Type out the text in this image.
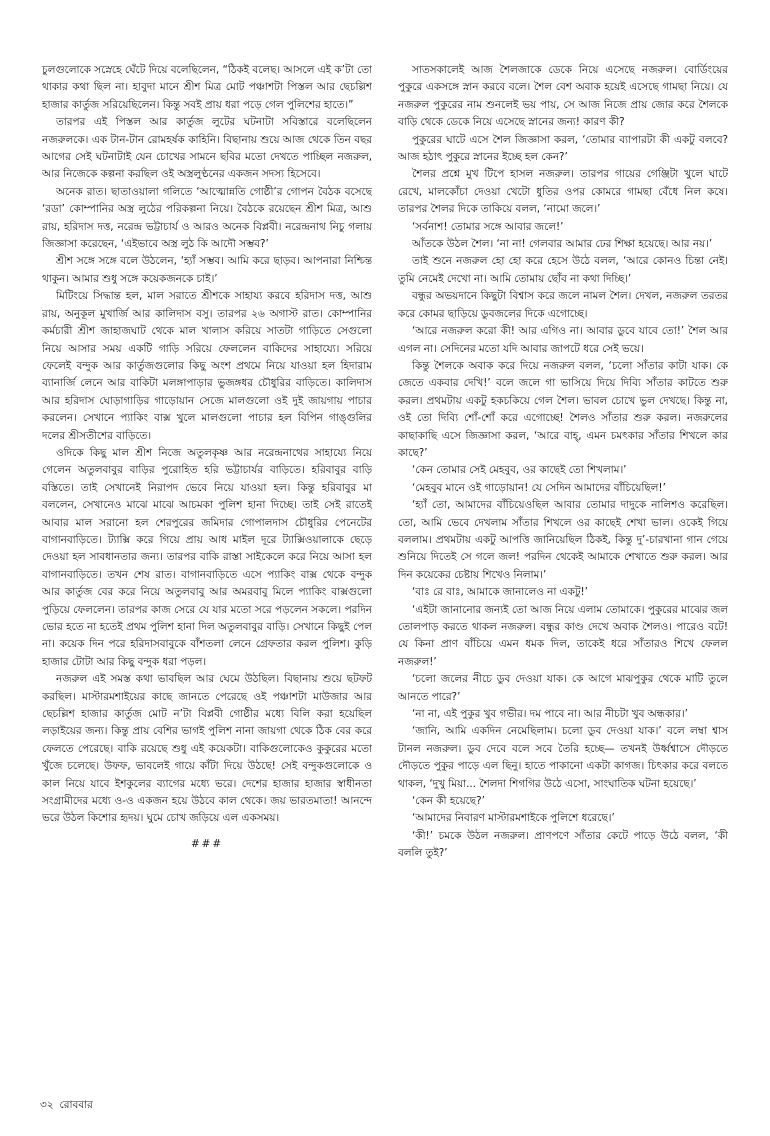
চুলগুলোকে সস্নেহে ঘেঁটে দিয়ে বলেছিলেন, “ঠিকই বলেছ। আসলে এই ক’টা তো থাকার কথা ছিল না। হাবুদা মানে শ্রীশ মিত্র মোট পঞ্চাশটা পিস্তল আর ছেচল্লিশ হাজার কার্তুজ সরিয়েছিলেন। কিন্তু সবই প্রায় ধরা পড়ে গেল পুলিশের হাতে।”

তারপর এই পিস্তল আর কার্তুজ লুটের ঘটনাটা সবিস্তারে বলেছিলেন নজরুলকে। এক টান-টান রোমহর্ষক কাহিনি। বিছানায় শুয়ে আজ থেকে তিন বছর আগের সেই ঘটনাটাই যেন চোখের সামনে ছবির মতো দেখতে পাচ্ছিল নজরুল, আর নিজেকে কল্পনা করছিল ওই অস্ত্রলুণ্ঠনের একজন সদস্য হিসেবে।

অনেক রাত। ছাতাওয়ালা গলিতে ‘আত্মোন্নতি গোষ্ঠী’র গোপন বৈঠক বসেছে ‘রডা’ কোম্পানির অস্ত্র লুঠের পরিকল্পনা নিয়ে। বৈঠকে রয়েছেন শ্রীশ মিত্র, আশু রায়, হরিদাস দত্ত, নরেন্দ্র ভট্টাচার্য ও আরও অনেক বিপ্লবী। নরেন্দ্রনাথ নিচু গলায় জিজ্ঞাসা করেছেন, ‘এইভাবে অস্ত্র লুঠ কি আদৌ সম্ভব?’

শ্রীশ সঙ্গে সঙ্গে বলে উঠলেন, ‘হ্যাঁ সম্ভব। আমি করে ছাড়ব। আপনারা নিশ্চিন্ত থাকুন। আমার শুধু সঙ্গে কয়েকজনকে চাই।’

মিটিংয়ে সিদ্ধান্ত হল, মাল সরাতে শ্রীশকে সাহায্য করবে হরিদাস দত্ত, আশু রায়, অনুকূল মুখার্জি আর কালিদাস বসু। তারপর ২৬ অগাস্ট রাত। কোম্পানির কর্মচারী শ্রীশ জাহাজঘাট থেকে মাল খালাস করিয়ে সাতটা গাড়িতে সেগুলো নিয়ে আসার সময় একটি গাড়ি সরিয়ে ফেললেন বাকিদের সাহায্যে। সরিয়ে ফেলেই বন্দুক আর কার্তুজগুলোর কিছু অংশ প্রথমে নিয়ে যাওয়া হল হিদারাম ব্যানার্জি লেনে আর বাকিটা মলঙ্গাপাড়ার ভুজঙ্গধর চৌধুরির বাড়িতে। কালিদাস আর হরিদাস ঘোড়াগাড়ির গাড়োয়ান সেজে মালগুলো ওই দুই জায়গায় পাচার করলেন। সেখানে প্যাকিং বাক্স খুলে মালগুলো পাচার হল বিপিন গাঙ্গুলির দলের শ্রীসতীশের বাড়িতে।

ওদিকে কিছু মাল শ্রীশ নিজে অতুলকৃষ্ণ আর নরেন্দ্রনাথের সাহায্যে নিয়ে গেলেন অতুলবাবুর বাড়ির পুরোহিত হরি ভট্টাচার্যর বাড়িতে। হরিবাবুর বাড়ি বস্তিতে। তাই সেখানেই নিরাপদ ভেবে নিয়ে যাওয়া হল। কিন্তু হরিবাবুর মা বললেন, সেখানেও মাঝে মাঝে আচমকা পুলিশ হানা দিচ্ছে। তাই সেই রাতেই আবার মাল সরানো হল শেরপুরের জমিদার গোপালদাস চৌধুরির পেনেটের বাগানবাড়িতে। ট্যাক্সি করে গিয়ে প্রায় আধ মাইল দূরে ট্যাক্সিওয়ালাকে ছেড়ে দেওয়া হল সাবধানতার জন্য। তারপর বাকি রাস্তা সাইকেলে করে নিয়ে আসা হল বাগানবাড়িতে। তখন শেষ রাত। বাগানবাড়িতে এসে প্যাকিং বাক্স থেকে বন্দুক আর কার্তুজ বের করে নিয়ে অতুলবাবু আর অমরবাবু মিলে প্যাকিং বাক্সগুলো পুড়িয়ে ফেললেন। তারপর কাজ সেরে যে যার মতো সরে পড়লেন সকলে। পরদিন ভোর হতে না হতেই প্রথম পুলিশ হানা দিল অতুলবাবুর বাড়ি। সেখানে কিছুই পেল না। কয়েক দিন পরে হরিদাসবাবুকে বাঁশতলা লেনে গ্রেফতার করল পুলিশ। কুড়ি হাজার টোটা আর কিছু বন্দুক ধরা পড়ল।

নজরুল এই সমস্ত কথা ভাবছিল আর ঘেমে উঠছিল। বিছানায় শুয়ে ছটফট করছিল। মাস্টারমশাইয়ের কাছে জানতে পেরেছে ওই পঞ্চাশটা মাউজার আর ছেচল্লিশ হাজার কার্তুজ মোট ন’টা বিপ্লবী গোষ্ঠীর মধ্যে বিলি করা হয়েছিল লড়াইয়ের জন্য। কিন্তু প্রায় বেশির ভাগই পুলিশ নানা জায়গা থেকে ঠিক বের করে ফেলতে পেরেছে। বাকি রয়েছে শুধু এই কয়েকটা। বাকিগুলোকেও কুকুরের মতো খুঁজে চলেছে। উফফ, ভাবলেই গায়ে কাঁটা দিয়ে উঠছে! সেই বন্দুকগুলোকে ও কাল নিয়ে যাবে ইশকুলের ব্যাগের মধ্যে ভরে। দেশের হাজার হাজার স্বাধীনতা সংগ্রামীদের মধ্যে ও-ও একজন হয়ে উঠবে কাল থেকে। জয় ভারতমাতা! আনন্দে ভরে উঠল কিশোর হৃদয়। ঘুমে চোখ জড়িয়ে এল একসময়।

###

সাতসকালেই আজ শৈলজাকে ডেকে নিয়ে এসেছে নজরুল। বোর্ডিংয়ের পুকুরে একসঙ্গে স্নান করবে বলে। শৈল বেশ অবাক হয়েই এসেছে গামছা নিয়ে। যে নজরুল পুকুরের নাম শুনলেই ভয় পায়, সে আজ নিজে প্রায় জোর করে শৈলকে বাড়ি থেকে ডেকে নিয়ে এসেছে স্নানের জন্য! কারণ কী?

পুকুরের ঘাটে এসে শৈল জিজ্ঞাসা করল, ‘তোমার ব্যাপারটা কী একটু বলবে? আজ হঠাৎ পুকুরে স্নানের ইচ্ছে হল কেন?’

শৈলর প্রশ্নে মুখ টিপে হাসল নজরুল। তারপর গায়ের গেঞ্জিটা খুলে ঘাটে রেখে, মালকোঁচা দেওয়া খেটো ধুতির ওপর কোমরে গামছা বেঁধে নিল কষে। তারপর শৈলর দিকে তাকিয়ে বলল, ‘নামো জলে।’

‘সর্বনাশ! তোমার সঙ্গে আবার জলে!’

আঁতকে উঠল শৈল। ‘না না! গেলবার আমার ঢের শিক্ষা হয়েছে। আর নয়।’

তাই শুনে নজরুল হো হো করে হেসে উঠে বলল, ‘আরে কোনও চিন্তা নেই। তুমি নেমেই দেখো না। আমি তোমায় ছোঁব না কথা দিচ্ছি।’

বন্ধুর অভয়দানে কিছুটা বিশ্বাস করে জলে নামল শৈল। দেখল, নজরুল তরতর করে কোমর ছাড়িয়ে ডুবজলের দিকে এগোচ্ছে।

‘আরে নজরুল করো কী! আর এগিও না। আবার ডুবে যাবে তো!’ শৈল আর এগল না। সেদিনের মতো যদি আবার জাপটে ধরে সেই ভয়ে।

কিন্তু শৈলকে অবাক করে দিয়ে নজরুল বলল, ‘চলো সাঁতার কাটা যাক। কে জেতে একবার দেখি!’ বলে জলে গা ভাসিয়ে দিয়ে দিব্যি সাঁতার কাটতে শুরু করল। প্রথমটায় একটু হকচকিয়ে গেল শৈল। ভাবল চোখে ভুল দেখছে। কিন্তু না, ওই তো দিব্যি শোঁ-শোঁ করে এগোচ্ছে! শৈলও সাঁতার শুরু করল। নজরুলের কাছাকাছি এসে জিজ্ঞাসা করল, ‘আরে বাহ্, এমন চমৎকার সাঁতার শিখলে কার কাছে?’

‘কেন তোমার সেই মেহবুব, ওর কাছেই তো শিখলাম।’

‘মেহবুব মানে ওই গাড়োয়ান! যে সেদিন আমাদের বাঁচিয়েছিল!’

‘হ্যাঁ তো, আমাদের বাঁচিয়েওছিল আবার তোমার দাদুকে নালিশও করেছিল। তো, আমি ভেবে দেখলাম সাঁতার শিখলে ওর কাছেই শেখা ভাল। ওকেই গিয়ে বললাম। প্রথমটায় একটু আপত্তি জানিয়েছিল ঠিকই, কিন্তু দু’-চারখানা গান গেয়ে শুনিয়ে দিতেই সে গলে জল! পরদিন থেকেই আমাকে শেখাতে শুরু করল। আর দিন কয়েকের চেষ্টায় শিখেও নিলাম।’

‘বাঃ রে বাঃ, আমাকে জানালেও না একটু!’

‘এইটা জানানোর জন্যই তো আজ নিয়ে এলাম তোমাকে। পুকুরের মাঝের জল তোলপাড় করতে থাকল নজরুল। বন্ধুর কাণ্ড দেখে অবাক শৈলও। পারেও বটে! যে কিনা প্রাণ বাঁচিয়ে এমন ধমক দিল, তাকেই ধরে সাঁতারও শিখে ফেলল নজরুল!’

‘চলো জলের নীচে ডুব দেওয়া যাক। কে আগে মাঝপুকুর থেকে মাটি তুলে আনতে পারে?’

‘না না, এই পুকুর খুব গভীর। দম পাবে না। আর নীচটা খুব অন্ধকার।’

‘জানি, আমি একদিন নেমেছিলাম। চলো ডুব দেওয়া যাক।’ বলে লম্বা শ্বাস টানল নজরুল। ডুব দেবে বলে সবে তৈরি হচ্ছে— তখনই উর্ধ্বশ্বাসে দৌড়তে দৌড়তে পুকুর পাড়ে এল ছিনু। হাতে পাকানো একটা কাগজ। চিৎকার করে বলতে থাকল, ‘দুখু মিয়া... শৈলদা শিগগির উঠে এসো, সাংঘাতিক ঘটনা হয়েছে।’

‘কেন কী হয়েছে?’

‘আমাদের নিবারণ মাস্টারমশাইকে পুলিশে ধরেছে।’

‘কী!’ চমকে উঠল নজরুল। প্রাণপণে সাঁতার কেটে পাড়ে উঠে বলল, ‘কী বললি তুই?’

৩২ রোববার
